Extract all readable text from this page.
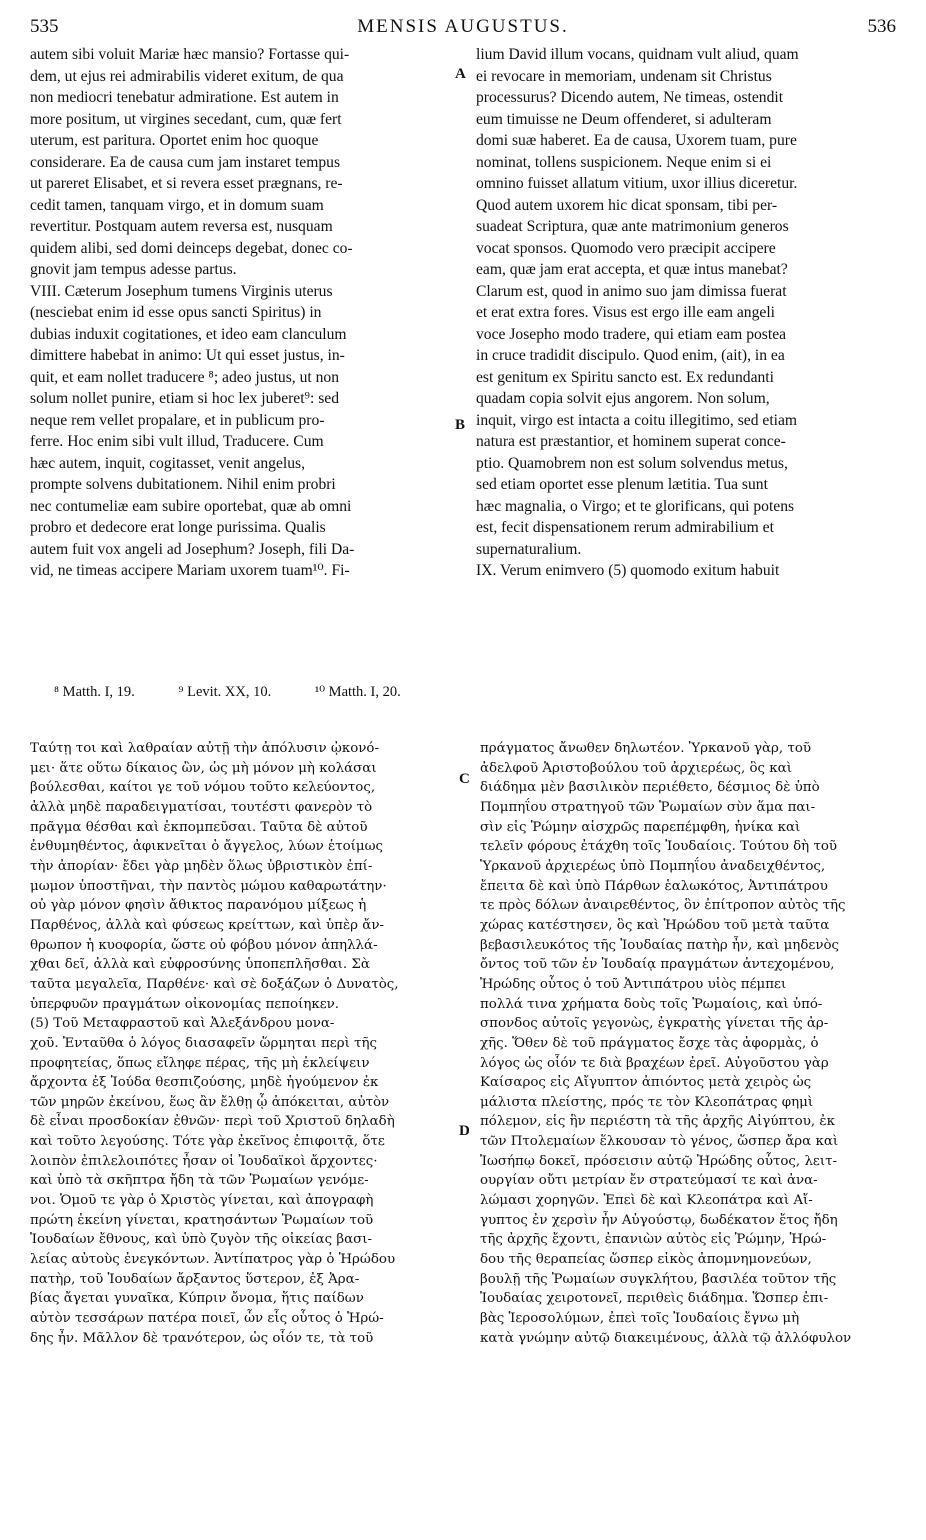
535	MENSIS AUGUSTUS.	536
autem sibi voluit Mariæ hæc mansio? Fortasse qui-
dem, ut ejus rei admirabilis videret exitum, de qua
non mediocri tenebatur admiratione. Est autem in
more positum, ut virgines secedant, cum, quæ fert
uterum, est paritura. Oportet enim hoc quoque
considerare. Ea de causa cum jam instaret tempus
ut pareret Elisabet, et si revera esset prægnans, re-
cedit tamen, tanquam virgo, et in domum suam
revertitur. Postquam autem reversa est, nusquam
quidem alibi, sed domi deinceps degebat, donec co-
gnovit jam tempus adesse partus.
VIII. Cæterum Josephum tumens Virginis uterus
(nesciebat enim id esse opus sancti Spiritus) in
dubias induxit cogitationes, et ideo eam clanculum
dimittere habebat in animo: Ut qui esset justus, in-
quit, et eam nollet traducere ⁸; adeo justus, ut non
solum nollet punire, etiam si hoc lex juberet⁹: sed
neque rem vellet propalare, et in publicum pro-
ferre. Hoc enim sibi vult illud, Traducere. Cum
hæc autem, inquit, cogitasset, venit angelus,
prompte solvens dubitationem. Nihil enim probri
nec contumeliæ eam subire oportebat, quæ ab omni
probro et dedecore erat longe purissima. Qualis
autem fuit vox angeli ad Josephum? Joseph, fili Da-
vid, ne timeas accipere Mariam uxorem tuam¹⁰. Fi-
lium David illum vocans, quidnam vult aliud, quam
ei revocare in memoriam, undenam sit Christus
processurus? Dicendo autem, Ne timeas, ostendit
eum timuisse ne Deum offenderet, si adulteram
domi suæ haberet. Ea de causa, Uxorem tuam, pure
nominat, tollens suspicionem. Neque enim si ei
omnino fuisset allatum vitium, uxor illius diceretur.
Quod autem uxorem hic dicat sponsam, tibi per-
suadeat Scriptura, quæ ante matrimonium generos
vocat sponsos. Quomodo vero præcipit accipere
eam, quæ jam erat accepta, et quæ intus manebat?
Clarum est, quod in animo suo jam dimissa fuerat
et erat extra fores. Visus est ergo ille eam angeli
voce Josepho modo tradere, qui etiam eam postea
in cruce tradidit discipulo. Quod enim, (ait), in ea
est genitum ex Spiritu sancto est. Ex redundanti
quadam copia solvit ejus angorem. Non solum,
inquit, virgo est intacta a coitu illegitimo, sed etiam
natura est præstantior, et hominem superat conce-
ptio. Quamobrem non est solum solvendus metus,
sed etiam oportet esse plenum lætitia. Tua sunt
hæc magnalia, o Virgo; et te glorificans, qui potens
est, fecit dispensationem rerum admirabilium et
supernaturalium.
IX. Verum enimvero (5) quomodo exitum habuit
A
B
C
D
⁸ Matth. I, 19.	⁹ Levit. XX, 10.	¹⁰ Matth. I, 20.
Ταύτῃ τοι καὶ λαθραίαν αὐτῇ τὴν ἀπόλυσιν ᾠκονό-
μει· ἅτε οὕτω δίκαιος ὢν, ὡς μὴ μόνον μὴ κολάσαι
βούλεσθαι, καίτοι γε τοῦ νόμου τοῦτο κελεύοντος,
ἀλλὰ μηδὲ παραδειγματίσαι, τουτέστι φανερὸν τὸ
πρᾶγμα θέσθαι καὶ ἐκπομπεῦσαι. Ταῦτα δὲ αὐτοῦ
ἐνθυμηθέντος, ἀφικνεῖται ὁ ἄγγελος, λύων ἑτοίμως
τὴν ἀπορίαν· ἔδει γὰρ μηδὲν ὅλως ὑβριστικὸν ἐπί-
μωμον ὑποστῆναι, τὴν παντὸς μώμου καθαρωτάτην·
οὐ γὰρ μόνον φησὶν ἄθικτος παρανόμου μίξεως ἡ
Παρθένος, ἀλλὰ καὶ φύσεως κρείττων, καὶ ὑπὲρ ἄν-
θρωπον ἡ κυοφορία, ὥστε οὐ φόβου μόνον ἀπηλλά-
χθαι δεῖ, ἀλλὰ καὶ εὐφροσύνης ὑποπεπλῆσθαι. Σὰ
ταῦτα μεγαλεῖα, Παρθένε· καὶ σὲ δοξάζων ὁ Δυνατὸς,
ὑπερφυῶν πραγμάτων οἰκονομίας πεποίηκεν.
(5) Τοῦ Μεταφραστοῦ καὶ Ἀλεξάνδρου μονα-
χοῦ. Ἐνταῦθα ὁ λόγος διασαφεῖν ὥρμηται περὶ τῆς
προφητείας, ὅπως εἴληφε πέρας, τῆς μὴ ἐκλείψειν
ἄρχοντα ἐξ Ἰούδα θεσπιζούσης, μηδὲ ἡγούμενον ἐκ
τῶν μηρῶν ἐκείνου, ἕως ἂν ἔλθῃ ᾧ ἀπόκειται, αὐτὸν
δὲ εἶναι προσδοκίαν ἐθνῶν· περὶ τοῦ Χριστοῦ δηλαδὴ
καὶ τοῦτο λεγούσης. Τότε γὰρ ἐκεῖνος ἐπιφοιτᾷ, ὅτε
λοιπὸν ἐπιλελοιπότες ἦσαν οἱ Ἰουδαϊκοὶ ἄρχοντες·
καὶ ὑπὸ τὰ σκῆπτρα ἤδη τὰ τῶν Ῥωμαίων γενόμε-
νοι. Ὁμοῦ τε γὰρ ὁ Χριστὸς γίνεται, καὶ ἀπογραφὴ
πρώτη ἐκείνη γίνεται, κρατησάντων Ῥωμαίων τοῦ
Ἰουδαίων ἔθνους, καὶ ὑπὸ ζυγὸν τῆς οἰκείας βασι-
λείας αὐτοὺς ἐνεγκόντων. Ἀντίπατρος γὰρ ὁ Ἡρώδου
πατὴρ, τοῦ Ἰουδαίων ἄρξαντος ὕστερον, ἐξ Ἀρα-
βίας ἄγεται γυναῖκα, Κύπριν ὄνομα, ἥτις παίδων
αὐτὸν τεσσάρων πατέρα ποιεῖ, ὧν εἷς οὗτος ὁ Ἡρώ-
δης ἦν. Μᾶλλον δὲ τρανότερον, ὡς οἷόν τε, τὰ τοῦ
πράγματος ἄνωθεν δηλωτέον. Ὑρκανοῦ γὰρ, τοῦ
ἀδελφοῦ Ἀριστοβούλου τοῦ ἀρχιερέως, ὃς καὶ
διάδημα μὲν βασιλικὸν περιέθετο, δέσμιος δὲ ὑπὸ
Πομπηΐου στρατηγοῦ τῶν Ῥωμαίων σὺν ἅμα παι-
σὶν εἰς Ῥώμην αἰσχρῶς παρεπέμφθη, ἡνίκα καὶ
τελεῖν φόρους ἐτάχθη τοῖς Ἰουδαίοις. Τούτου δὴ τοῦ
Ὑρκανοῦ ἀρχιερέως ὑπὸ Πομπηΐου ἀναδειχθέντος,
ἔπειτα δὲ καὶ ὑπὸ Πάρθων ἑαλωκότος, Ἀντιπάτρου
τε πρὸς δόλων ἀναιρεθέντος, ὃν ἐπίτροπον αὐτὸς τῆς
χώρας κατέστησεν, ὃς καὶ Ἡρώδου τοῦ μετὰ ταῦτα
βεβασιλευκότος τῆς Ἰουδαίας πατὴρ ἦν, καὶ μηδενὸς
ὄντος τοῦ τῶν ἐν Ἰουδαίᾳ πραγμάτων ἀντεχομένου,
Ἡρώδης οὗτος ὁ τοῦ Ἀντιπάτρου υἱὸς πέμπει
πολλά τινα χρήματα δοὺς τοῖς Ῥωμαίοις, καὶ ὑπό-
σπονδος αὐτοῖς γεγονὼς, ἐγκρατὴς γίνεται τῆς ἀρ-
χῆς. Ὅθεν δὲ τοῦ πράγματος ἔσχε τὰς ἀφορμὰς, ὁ
λόγος ὡς οἷόν τε διὰ βραχέων ἐρεῖ. Αὐγοῦστου γὰρ
Καίσαρος εἰς Αἴγυπτον ἀπιόντος μετὰ χειρὸς ὡς
μάλιστα πλείστης, πρός τε τὸν Κλεοπάτρας φημὶ
πόλεμον, εἰς ἣν περιέστη τὰ τῆς ἀρχῆς Αἰγύπτου, ἐκ
τῶν Πτολεμαίων ἕλκουσαν τὸ γένος, ὥσπερ ἄρα καὶ
Ἰωσήπῳ δοκεῖ, πρόσεισιν αὐτῷ Ἡρώδης οὗτος, λειτ-
ουργίαν οὔτι μετρίαν ἔν στρατεύμασί τε καὶ ἀνα-
λώμασι χορηγῶν. Ἐπεὶ δὲ καὶ Κλεοπάτρα καὶ Αἴ-
γυπτος ἐν χερσὶν ἦν Αὐγούστῳ, δωδέκατον ἔτος ἤδη
τῆς ἀρχῆς ἔχοντι, ἐπανιὼν αὐτὸς εἰς Ῥώμην, Ἡρώ-
δου τῆς θεραπείας ὥσπερ εἰκὸς ἀπομνημονεύων,
βουλῇ τῆς Ῥωμαίων συγκλήτου, βασιλέα τοῦτον τῆς
Ἰουδαίας χειροτονεῖ, περιθεὶς διάδημα. Ὥσπερ ἐπι-
βὰς Ἱεροσολύμων, ἐπεὶ τοῖς Ἰουδαίοις ἔγνω μὴ
κατὰ γνώμην αὐτῷ διακειμένους, ἀλλὰ τῷ ἀλλόφυλον
